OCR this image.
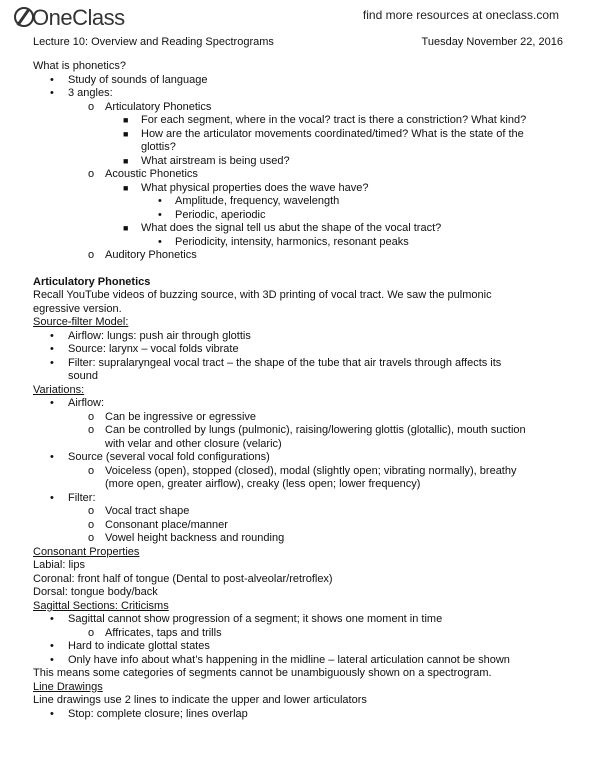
OneClass	find more resources at oneclass.com
Lecture 10: Overview and Reading Spectrograms	Tuesday November 22, 2016
What is phonetics?
• Study of sounds of language
• 3 angles:
o Articulatory Phonetics
■ For each segment, where in the vocal? tract is there a constriction? What kind?
■ How are the articulator movements coordinated/timed? What is the state of the
glottis?
■ What airstream is being used?
o Acoustic Phonetics
■ What physical properties does the wave have?
• Amplitude, frequency, wavelength
• Periodic, aperiodic
■ What does the signal tell us abut the shape of the vocal tract?
• Periodicity, intensity, harmonics, resonant peaks
o Auditory Phonetics
Articulatory Phonetics
Recall YouTube videos of buzzing source, with 3D printing of vocal tract. We saw the pulmonic
egressive version.
Source-filter Model:
• Airflow: lungs: push air through glottis
• Source: larynx – vocal folds vibrate
• Filter: supralaryngeal vocal tract – the shape of the tube that air travels through affects its
sound
Variations:
• Airflow:
o Can be ingressive or egressive
o Can be controlled by lungs (pulmonic), raising/lowering glottis (glotallic), mouth suction
with velar and other closure (velaric)
• Source (several vocal fold configurations)
o Voiceless (open), stopped (closed), modal (slightly open; vibrating normally), breathy
(more open, greater airflow), creaky (less open; lower frequency)
• Filter:
o Vocal tract shape
o Consonant place/manner
o Vowel height backness and rounding
Consonant Properties
Labial: lips
Coronal: front half of tongue (Dental to post-alveolar/retroflex)
Dorsal: tongue body/back
Sagittal Sections: Criticisms
• Sagittal cannot show progression of a segment; it shows one moment in time
o Affricates, taps and trills
• Hard to indicate glottal states
• Only have info about what’s happening in the midline – lateral articulation cannot be shown
This means some categories of segments cannot be unambiguously shown on a spectrogram.
Line Drawings
Line drawings use 2 lines to indicate the upper and lower articulators
• Stop: complete closure; lines overlap
